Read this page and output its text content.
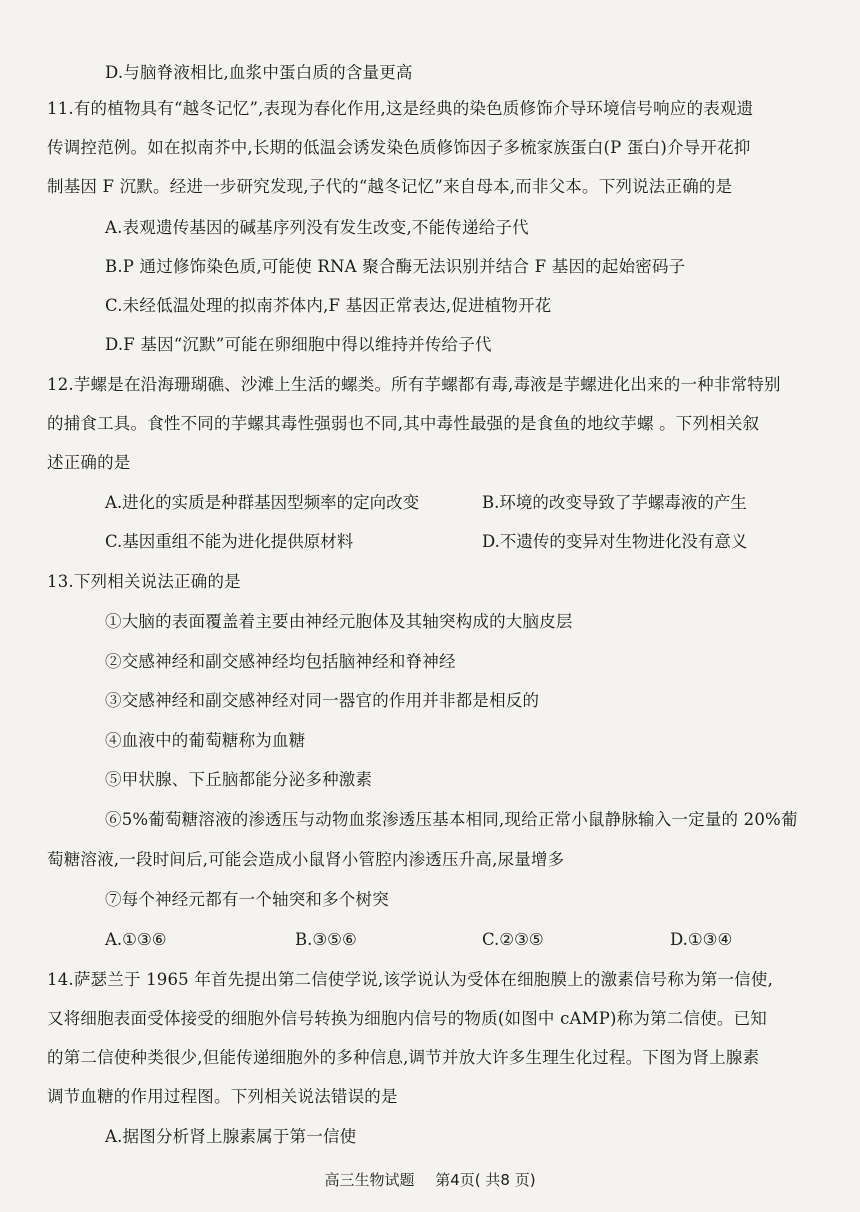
D.与脑脊液相比,血浆中蛋白质的含量更高
11.有的植物具有“越冬记忆”,表现为春化作用,这是经典的染色质修饰介导环境信号响应的表观遗
传调控范例。如在拟南芥中,长期的低温会诱发染色质修饰因子多梳家族蛋白(P 蛋白)介导开花抑
制基因 F 沉默。经进一步研究发现,子代的“越冬记忆”来自母本,而非父本。下列说法正确的是
A.表观遗传基因的碱基序列没有发生改变,不能传递给子代
B.P 通过修饰染色质,可能使 RNA 聚合酶无法识别并结合 F 基因的起始密码子
C.未经低温处理的拟南芥体内,F 基因正常表达,促进植物开花
D.F 基因“沉默”可能在卵细胞中得以维持并传给子代
12.芋螺是在沿海珊瑚礁、沙滩上生活的螺类。所有芋螺都有毒,毒液是芋螺进化出来的一种非常特别
的捕食工具。食性不同的芋螺其毒性强弱也不同,其中毒性最强的是食鱼的地纹芋螺 。下列相关叙
述正确的是
A.进化的实质是种群基因型频率的定向改变	B.环境的改变导致了芋螺毒液的产生
C.基因重组不能为进化提供原材料	D.不遗传的变异对生物进化没有意义
13.下列相关说法正确的是
①大脑的表面覆盖着主要由神经元胞体及其轴突构成的大脑皮层
②交感神经和副交感神经均包括脑神经和脊神经
③交感神经和副交感神经对同一器官的作用并非都是相反的
④血液中的葡萄糖称为血糖
⑤甲状腺、下丘脑都能分泌多种激素
⑥5%葡萄糖溶液的渗透压与动物血浆渗透压基本相同,现给正常小鼠静脉输入一定量的 20%葡
萄糖溶液,一段时间后,可能会造成小鼠肾小管腔内渗透压升高,尿量增多
⑦每个神经元都有一个轴突和多个树突
A.①③⑥	B.③⑤⑥	C.②③⑤	D.①③④
14.萨瑟兰于 1965 年首先提出第二信使学说,该学说认为受体在细胞膜上的激素信号称为第一信使,
又将细胞表面受体接受的细胞外信号转换为细胞内信号的物质(如图中 cAMP)称为第二信使。已知
的第二信使种类很少,但能传递细胞外的多种信息,调节并放大许多生理生化过程。下图为肾上腺素
调节血糖的作用过程图。下列相关说法错误的是
A.据图分析肾上腺素属于第一信使
高三生物试题 第4页( 共8 页)
